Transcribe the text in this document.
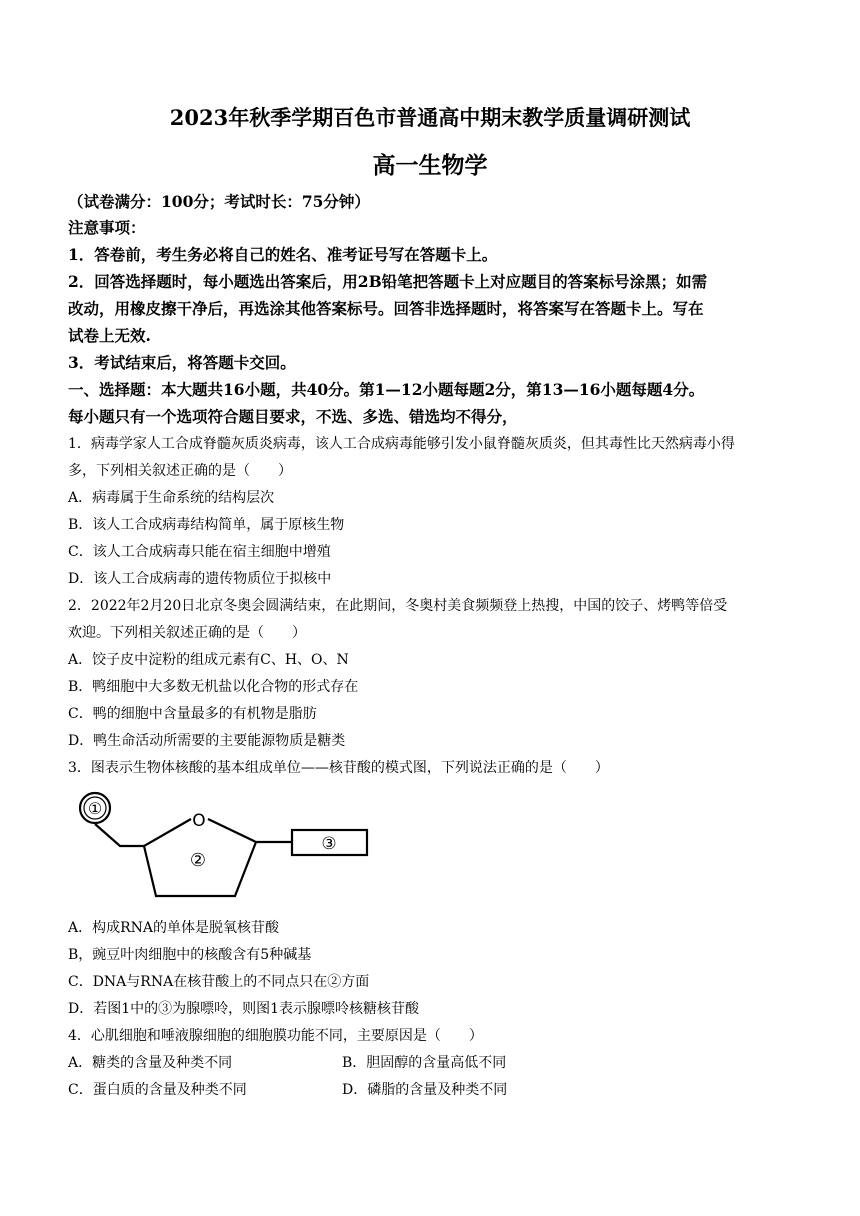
2023年秋季学期百色市普通高中期末教学质量调研测试
高一生物学
（试卷满分：100分；考试时长：75分钟）
注意事项：
1．答卷前，考生务必将自己的姓名、准考证号写在答题卡上。
2．回答选择题时，每小题选出答案后，用2B铅笔把答题卡上对应题目的答案标号涂黑；如需
改动，用橡皮擦干净后，再选涂其他答案标号。回答非选择题时，将答案写在答题卡上。写在
试卷上无效.
3．考试结束后，将答题卡交回。
一、选择题：本大题共16小题，共40分。第1—12小题每题2分，第13—16小题每题4分。
每小题只有一个选项符合题目要求，不选、多选、错选均不得分，
1．病毒学家人工合成脊髓灰质炎病毒，该人工合成病毒能够引发小鼠脊髓灰质炎，但其毒性比天然病毒小得
多，下列相关叙述正确的是（　　）
A．病毒属于生命系统的结构层次
B．该人工合成病毒结构简单，属于原核生物
C．该人工合成病毒只能在宿主细胞中增殖
D．该人工合成病毒的遗传物质位于拟核中
2．2022年2月20日北京冬奥会圆满结束，在此期间，冬奥村美食频频登上热搜，中国的饺子、烤鸭等倍受
欢迎。下列相关叙述正确的是（　　）
A．饺子皮中淀粉的组成元素有C、H、O、N
B．鸭细胞中大多数无机盐以化合物的形式存在
C．鸭的细胞中含量最多的有机物是脂肪
D．鸭生命活动所需要的主要能源物质是糖类
3．图表示生物体核酸的基本组成单位——核苷酸的模式图，下列说法正确的是（　　）
①
O
②
③
A．构成RNA的单体是脱氧核苷酸
B，豌豆叶肉细胞中的核酸含有5种碱基
C．DNA与RNA在核苷酸上的不同点只在②方面
D．若图1中的③为腺嘌呤，则图1表示腺嘌呤核糖核苷酸
4．心肌细胞和唾液腺细胞的细胞膜功能不同，主要原因是（　　）
A．糖类的含量及种类不同	B．胆固醇的含量高低不同
C．蛋白质的含量及种类不同	D．磷脂的含量及种类不同
